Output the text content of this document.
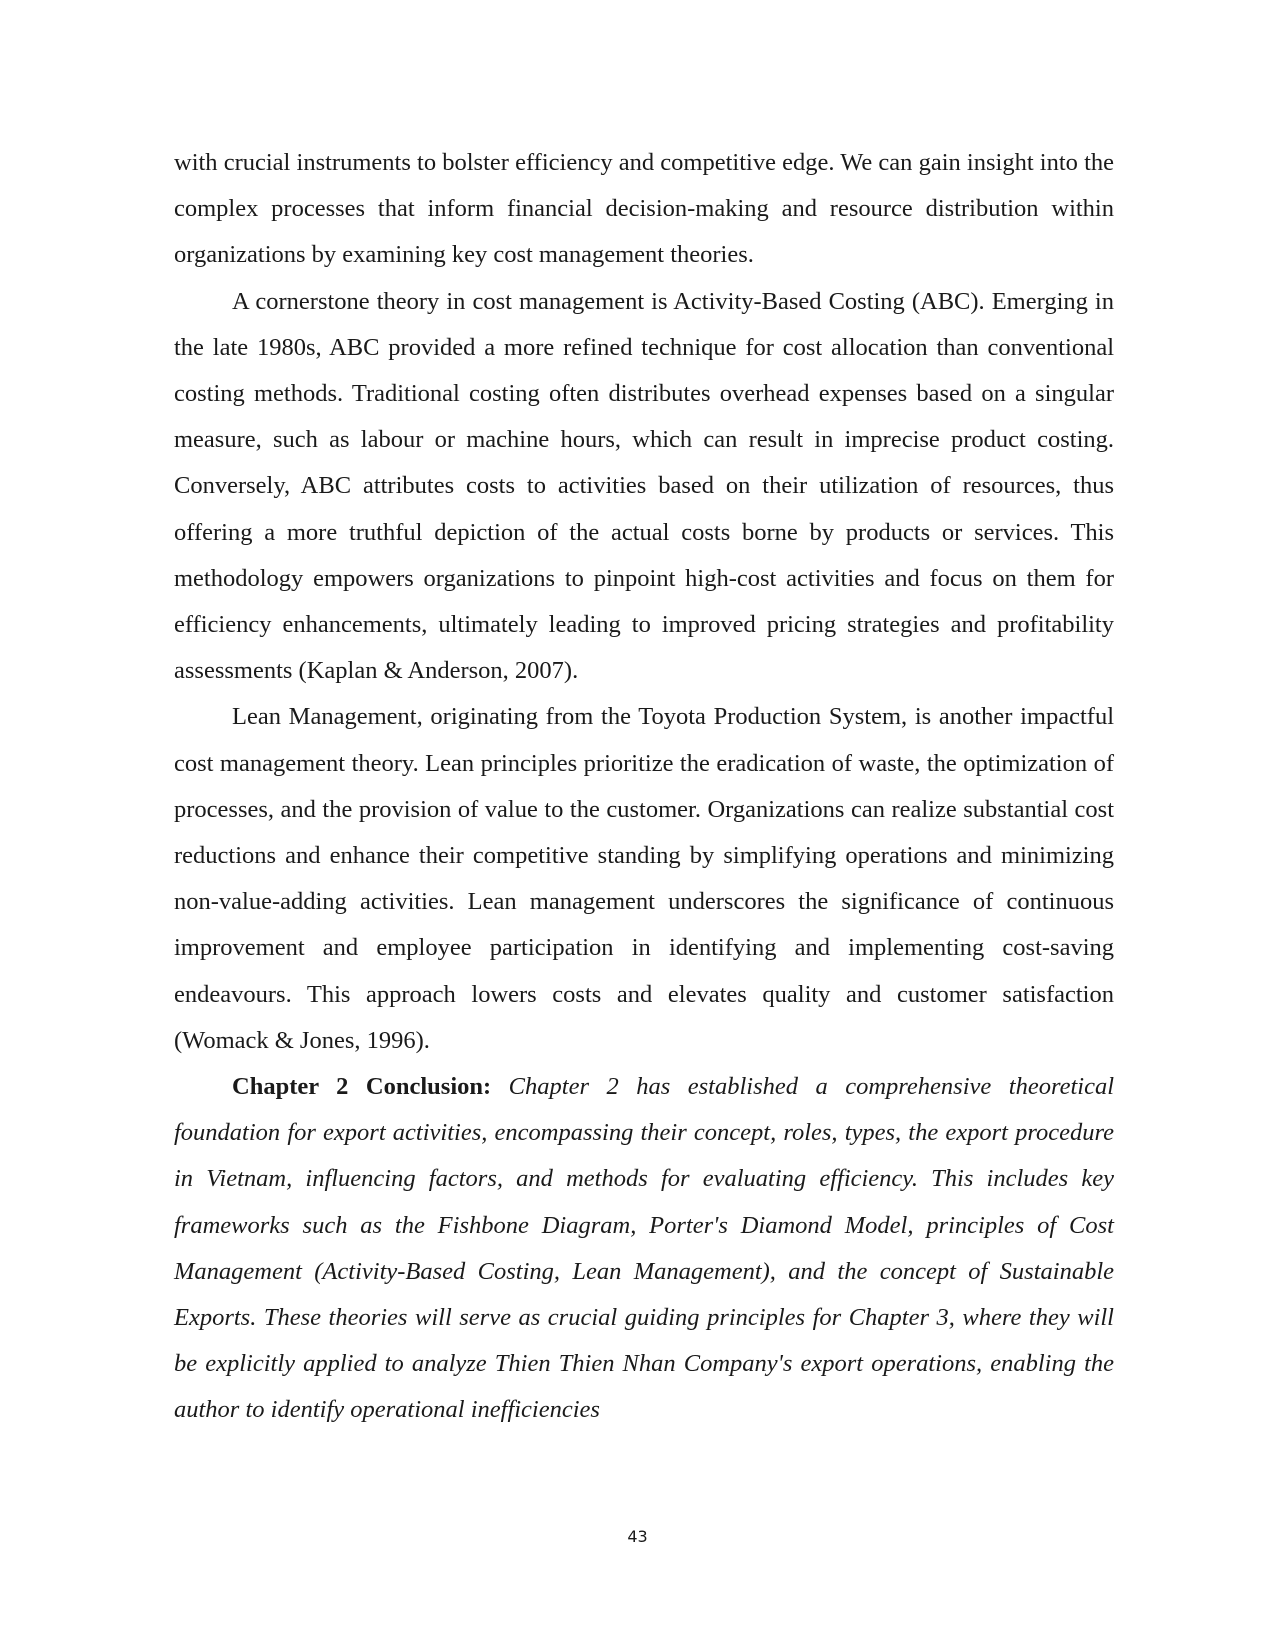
with crucial instruments to bolster efficiency and competitive edge. We can gain insight into the complex processes that inform financial decision-making and resource distribution within organizations by examining key cost management theories.

A cornerstone theory in cost management is Activity-Based Costing (ABC). Emerging in the late 1980s, ABC provided a more refined technique for cost allocation than conventional costing methods. Traditional costing often distributes overhead expenses based on a singular measure, such as labour or machine hours, which can result in imprecise product costing. Conversely, ABC attributes costs to activities based on their utilization of resources, thus offering a more truthful depiction of the actual costs borne by products or services. This methodology empowers organizations to pinpoint high-cost activities and focus on them for efficiency enhancements, ultimately leading to improved pricing strategies and profitability assessments (Kaplan & Anderson, 2007).

Lean Management, originating from the Toyota Production System, is another impactful cost management theory. Lean principles prioritize the eradication of waste, the optimization of processes, and the provision of value to the customer. Organizations can realize substantial cost reductions and enhance their competitive standing by simplifying operations and minimizing non-value-adding activities. Lean management underscores the significance of continuous improvement and employee participation in identifying and implementing cost-saving endeavours. This approach lowers costs and elevates quality and customer satisfaction (Womack & Jones, 1996).

Chapter 2 Conclusion: Chapter 2 has established a comprehensive theoretical foundation for export activities, encompassing their concept, roles, types, the export procedure in Vietnam, influencing factors, and methods for evaluating efficiency. This includes key frameworks such as the Fishbone Diagram, Porter's Diamond Model, principles of Cost Management (Activity-Based Costing, Lean Management), and the concept of Sustainable Exports. These theories will serve as crucial guiding principles for Chapter 3, where they will be explicitly applied to analyze Thien Thien Nhan Company's export operations, enabling the author to identify operational inefficiencies

43
